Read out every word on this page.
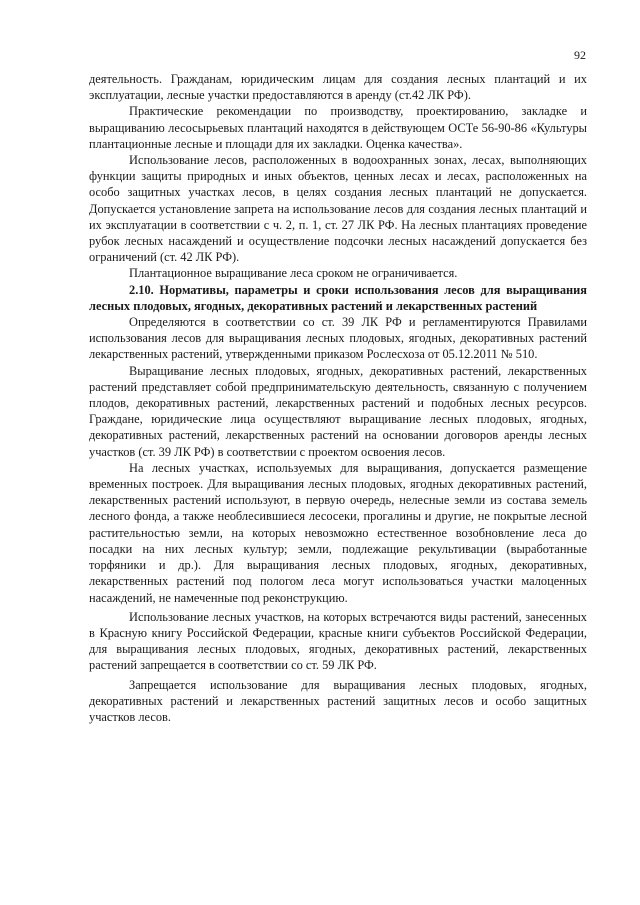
92

деятельность. Гражданам, юридическим лицам для создания лесных плантаций и их эксплуатации, лесные участки предоставляются в аренду (ст.42 ЛК РФ).

Практические рекомендации по производству, проектированию, закладке и выращиванию лесосырьевых плантаций находятся в действующем ОСТе 56-90-86 «Культуры плантационные лесные и площади для их закладки. Оценка качества».

Использование лесов, расположенных в водоохранных зонах, лесах, выполняющих функции защиты природных и иных объектов, ценных лесах и лесах, расположенных на особо защитных участках лесов, в целях создания лесных плантаций не допускается. Допускается установление запрета на использование лесов для создания лесных плантаций и их эксплуатации в соответствии с ч. 2, п. 1, ст. 27 ЛК РФ. На лесных плантациях проведение рубок лесных насаждений и осуществление подсочки лесных насаждений допускается без ограничений (ст. 42 ЛК РФ).

Плантационное выращивание леса сроком не ограничивается.

2.10. Нормативы, параметры и сроки использования лесов для выращивания лесных плодовых, ягодных, декоративных растений и лекарственных растений

Определяются в соответствии со ст. 39 ЛК РФ и регламентируются Правилами использования лесов для выращивания лесных плодовых, ягодных, декоративных растений лекарственных растений, утвержденными приказом Рослесхоза от 05.12.2011 № 510.

Выращивание лесных плодовых, ягодных, декоративных растений, лекарственных растений представляет собой предпринимательскую деятельность, связанную с получением плодов, декоративных растений, лекарственных растений и подобных лесных ресурсов. Граждане, юридические лица осуществляют выращивание лесных плодовых, ягодных, декоративных растений, лекарственных растений на основании договоров аренды лесных участков (ст. 39 ЛК РФ) в соответствии с проектом освоения лесов.

На лесных участках, используемых для выращивания, допускается размещение временных построек. Для выращивания лесных плодовых, ягодных декоративных растений, лекарственных растений используют, в первую очередь, нелесные земли из состава земель лесного фонда, а также необлесившиеся лесосеки, прогалины и другие, не покрытые лесной растительностью земли, на которых невозможно естественное возобновление леса до посадки на них лесных культур; земли, подлежащие рекультивации (выработанные торфяники и др.). Для выращивания лесных плодовых, ягодных, декоративных, лекарственных растений под пологом леса могут использоваться участки малоценных насаждений, не намеченные под реконструкцию.

Использование лесных участков, на которых встречаются виды растений, занесенных в Красную книгу Российской Федерации, красные книги субъектов Российской Федерации, для выращивания лесных плодовых, ягодных, декоративных растений, лекарственных растений запрещается в соответствии со ст. 59 ЛК РФ.

Запрещается использование для выращивания лесных плодовых, ягодных, декоративных растений и лекарственных растений защитных лесов и особо защитных участков лесов.
